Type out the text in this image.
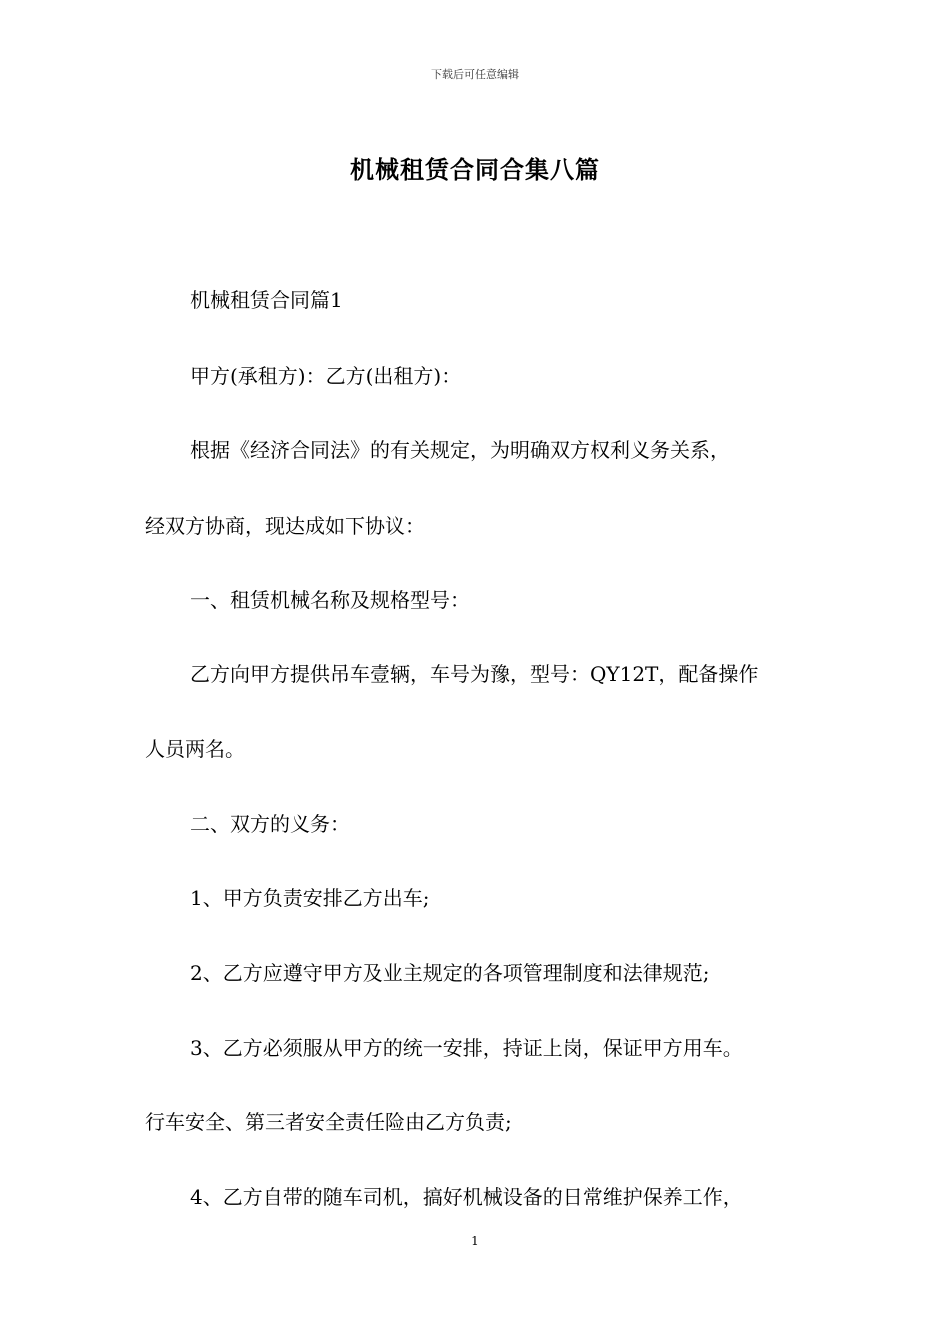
下载后可任意编辑
机械租赁合同合集八篇
机械租赁合同篇1
甲方(承租方)：乙方(出租方)：
根据《经济合同法》的有关规定，为明确双方权利义务关系，
经双方协商，现达成如下协议：
一、租赁机械名称及规格型号：
乙方向甲方提供吊车壹辆，车号为豫，型号：QY12T，配备操作
人员两名。
二、双方的义务：
1、甲方负责安排乙方出车;
2、乙方应遵守甲方及业主规定的各项管理制度和法律规范;
3、乙方必须服从甲方的统一安排，持证上岗，保证甲方用车。
行车安全、第三者安全责任险由乙方负责;
4、乙方自带的随车司机，搞好机械设备的日常维护保养工作，
1
